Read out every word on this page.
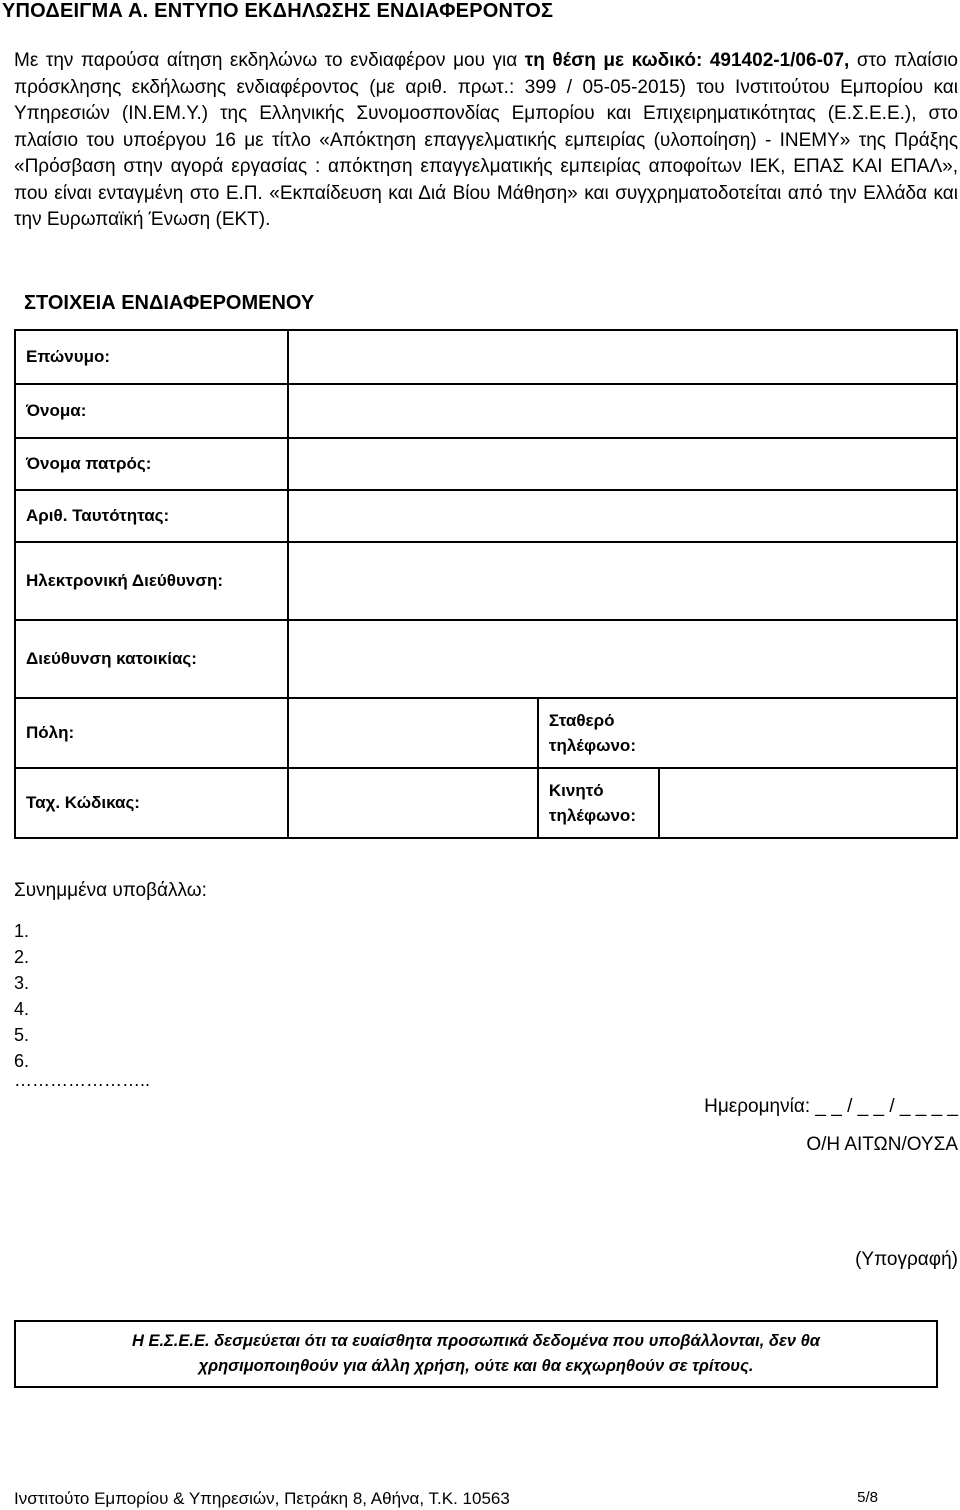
ΥΠΟΔΕΙΓΜΑ Α. ΕΝΤΥΠΟ ΕΚΔΗΛΩΣΗΣ ΕΝΔΙΑΦΕΡΟΝΤΟΣ
Με την παρούσα αίτηση εκδηλώνω το ενδιαφέρον μου για τη θέση με κωδικό: 491402-1/06-07, στο πλαίσιο πρόσκλησης εκδήλωσης ενδιαφέροντος (με αριθ. πρωτ.: 399 / 05-05-2015) του Ινστιτούτου Εμπορίου και Υπηρεσιών (ΙΝ.ΕΜ.Υ.) της Ελληνικής Συνομοσπονδίας Εμπορίου και Επιχειρηματικότητας (Ε.Σ.Ε.Ε.), στο πλαίσιο του υποέργου 16 με τίτλο «Απόκτηση επαγγελματικής εμπειρίας (υλοποίηση) - ΙΝΕΜΥ» της Πράξης «Πρόσβαση στην αγορά εργασίας : απόκτηση επαγγελματικής εμπειρίας αποφοίτων ΙΕΚ, ΕΠΑΣ ΚΑΙ ΕΠΑΛ», που είναι ενταγμένη στο Ε.Π. «Εκπαίδευση και Διά Βίου Μάθηση» και συγχρηματοδοτείται από την Ελλάδα και την Ευρωπαϊκή Ένωση (ΕΚΤ).
ΣΤΟΙΧΕΙΑ ΕΝΔΙΑΦΕΡΟΜΕΝΟΥ
Επώνυμο:			
Όνομα:			
Όνομα πατρός:			
Αριθ. Ταυτότητας:			
Ηλεκτρονική Διεύθυνση:			
Διεύθυνση κατοικίας:			
Πόλη:		Σταθερό
τηλέφωνο:	
Ταχ. Κώδικας:		Κινητό
τηλέφωνο:	
Συνημμένα υποβάλλω:
1.
2.
3.
4.
5.
6.
…………………..
Ημερομηνία: _ _ / _ _ / _ _ _ _
Ο/Η ΑΙΤΩΝ/ΟΥΣΑ
(Υπογραφή)
Η Ε.Σ.Ε.Ε. δεσμεύεται ότι τα ευαίσθητα προσωπικά δεδομένα που υποβάλλονται, δεν θα
χρησιμοποιηθούν για άλλη χρήση, ούτε και θα εκχωρηθούν σε τρίτους.
Ινστιτούτο Εμπορίου & Υπηρεσιών, Πετράκη 8, Αθήνα, Τ.Κ. 10563	5/8
